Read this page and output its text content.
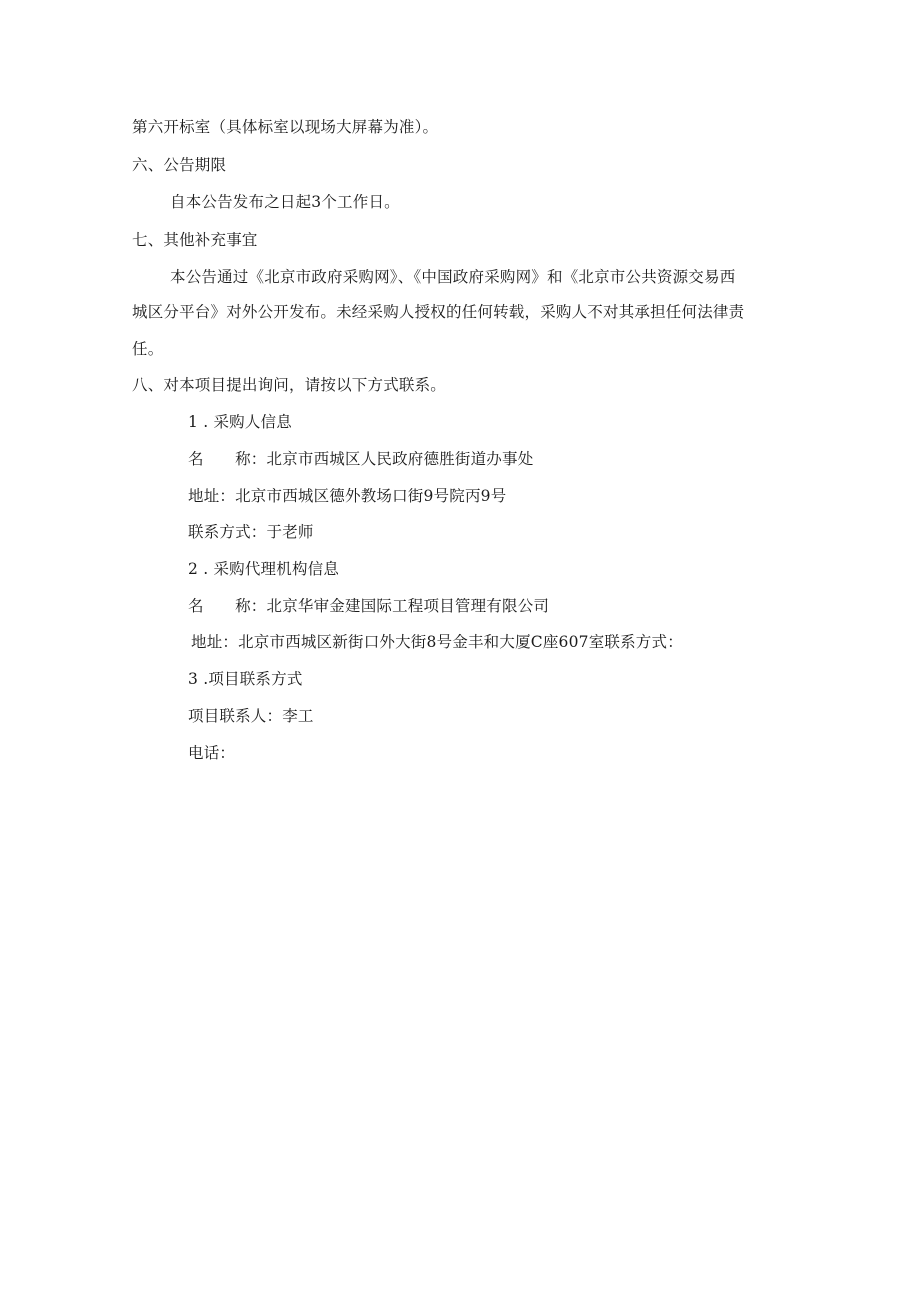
第六开标室（具体标室以现场大屏幕为准）。
六、公告期限
自本公告发布之日起3个工作日。
七、其他补充事宜
本公告通过《北京市政府采购网》、《中国政府采购网》和《北京市公共资源交易西
城区分平台》对外公开发布。未经采购人授权的任何转载，采购人不对其承担任何法律责
任。
八、对本项目提出询问，请按以下方式联系。
1 . 采购人信息
名　　称：北京市西城区人民政府德胜街道办事处
地址：北京市西城区德外教场口街9号院丙9号
联系方式：于老师
2 . 采购代理机构信息
名　　称：北京华审金建国际工程项目管理有限公司
地址：北京市西城区新街口外大街8号金丰和大厦C座607室联系方式：
3 .项目联系方式
项目联系人：李工
电话：
